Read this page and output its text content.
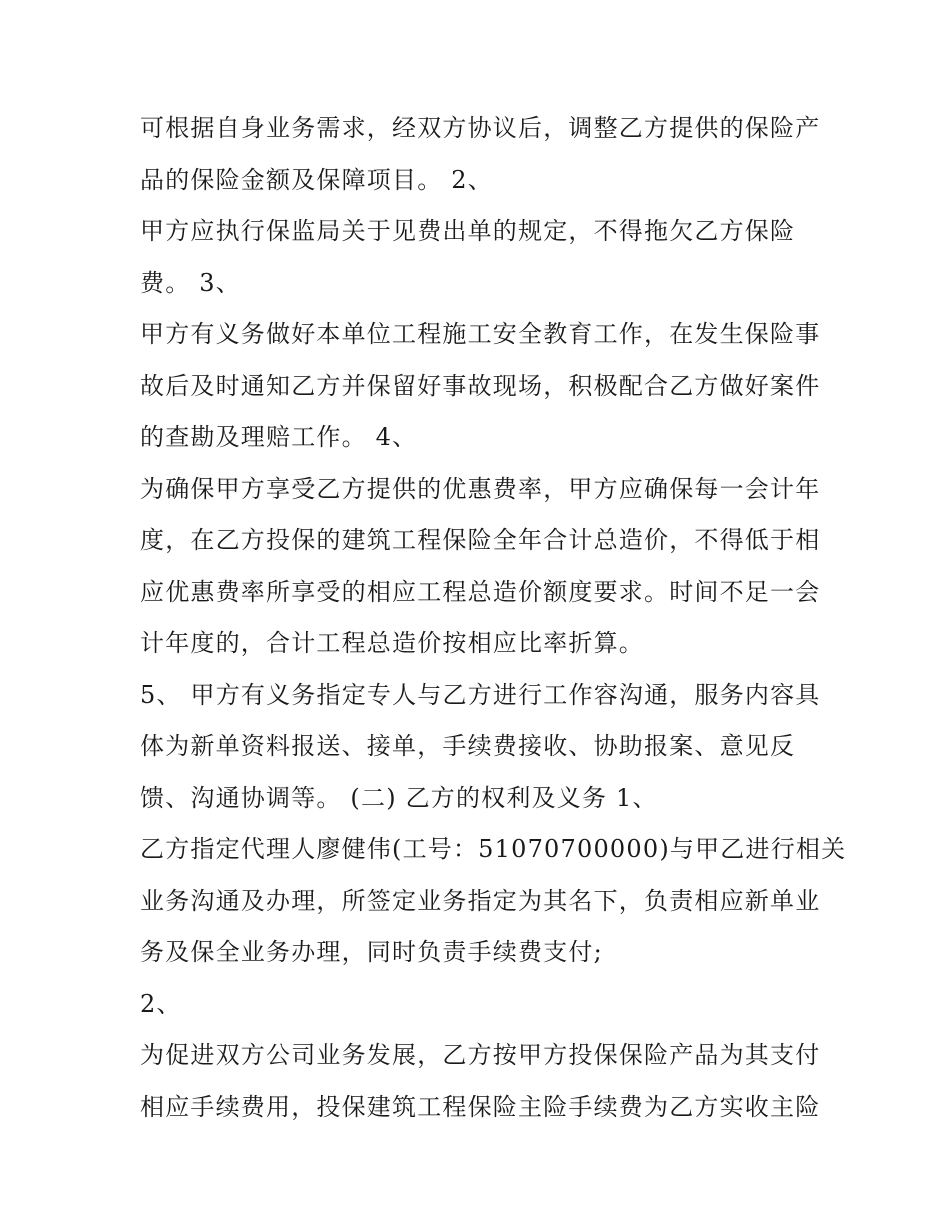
可根据自身业务需求，经双方协议后，调整乙方提供的保险产
品的保险金额及保障项目。 2、
甲方应执行保监局关于见费出单的规定，不得拖欠乙方保险
费。 3、
甲方有义务做好本单位工程施工安全教育工作，在发生保险事
故后及时通知乙方并保留好事故现场，积极配合乙方做好案件
的查勘及理赔工作。 4、
为确保甲方享受乙方提供的优惠费率，甲方应确保每一会计年
度，在乙方投保的建筑工程保险全年合计总造价，不得低于相
应优惠费率所享受的相应工程总造价额度要求。时间不足一会
计年度的，合计工程总造价按相应比率折算。
5、 甲方有义务指定专人与乙方进行工作容沟通，服务内容具
体为新单资料报送、接单，手续费接收、协助报案、意见反
馈、沟通协调等。 (二) 乙方的权利及义务 1、
乙方指定代理人廖健伟(工号：51070700000)与甲乙进行相关
业务沟通及办理，所签定业务指定为其名下，负责相应新单业
务及保全业务办理，同时负责手续费支付;
2、
为促进双方公司业务发展，乙方按甲方投保保险产品为其支付
相应手续费用，投保建筑工程保险主险手续费为乙方实收主险
